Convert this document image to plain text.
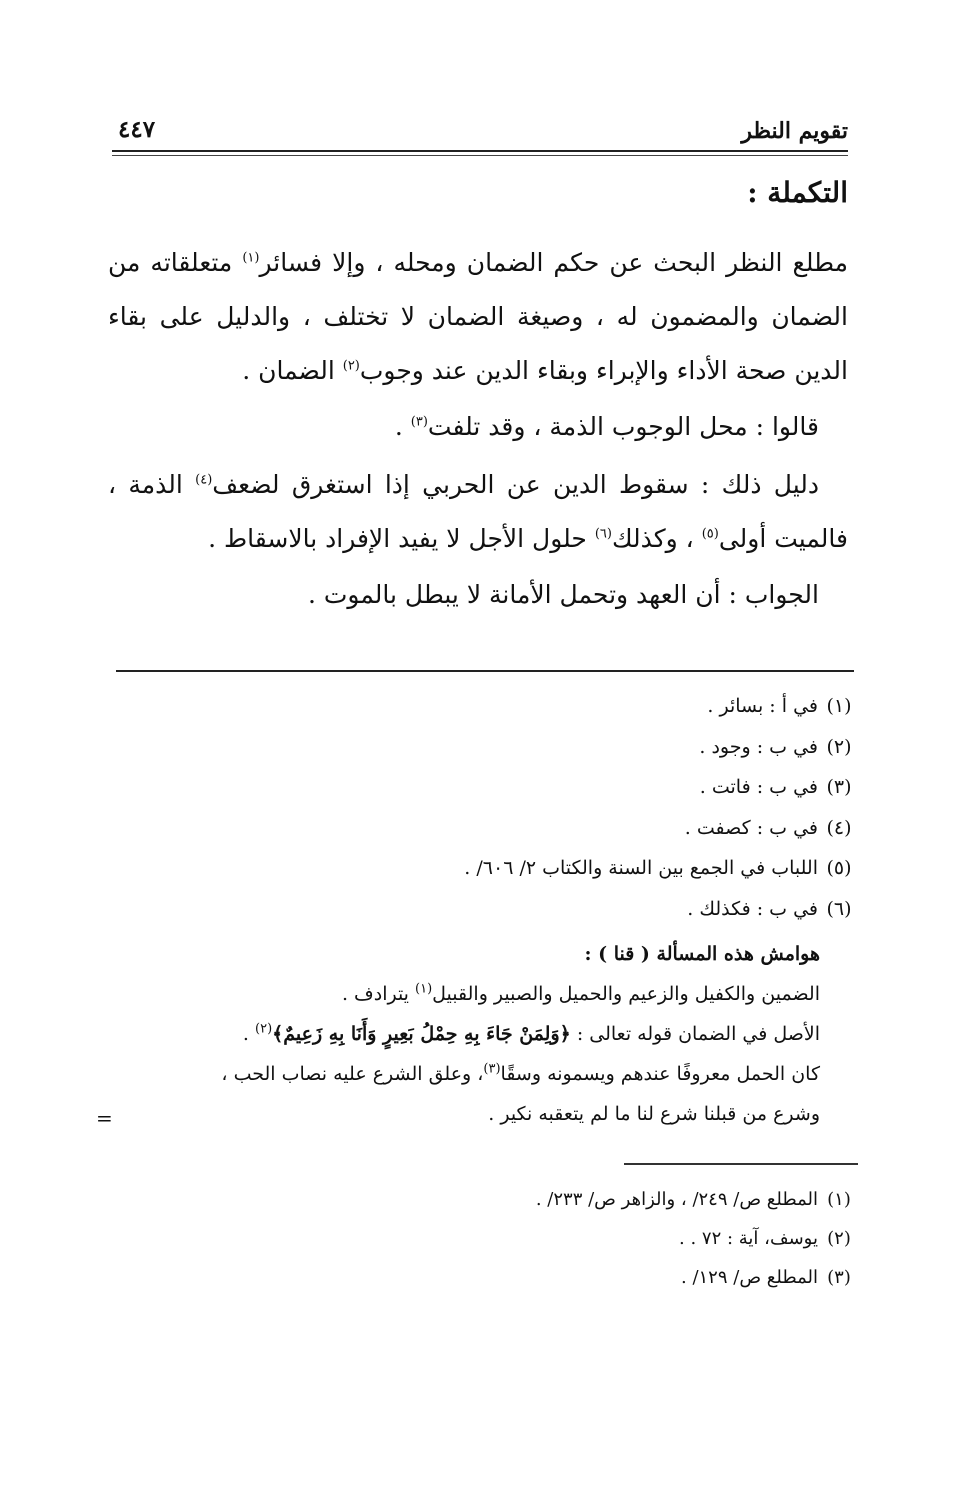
تقويم النظر
٤٤٧
التكملة :
مطلع النظر البحث عن حكم الضمان ومحله ، وإلا فسائر$^{(١)}$ متعلقاته من الضمان والمضمون له ، وصيغة الضمان لا تختلف ، والدليل على بقاء الدين صحة الأداء والإبراء وبقاء الدين عند وجوب$^{(٢)}$ الضمان .
قالوا : محل الوجوب الذمة ، وقد تلفت$^{(٣)}$ .
دليل ذلك : سقوط الدين عن الحربي إذا استغرق لضعف$^{(٤)}$ الذمة ، فالميت أولى$^{(٥)}$ ، وكذلك$^{(٦)}$ حلول الأجل لا يفيد الإفراد بالاسقاط .
الجواب : أن العهد وتحمل الأمانة لا يبطل بالموت .
(١)في أ : بسائر .
(٢)في ب : وجود .
(٣)في ب : فاتت .
(٤)في ب : كصفت .
(٥)اللباب في الجمع بين السنة والكتاب ٢/ ٦٠٦/ .
(٦)في ب : فكذلك .
هوامش هذه المسألة ( قنا ) :
الضمين والكفيل والزعيم والحميل والصبير والقبيل$^{(١)}$ يترادف .
الأصل في الضمان قوله تعالى : ﴿وَلِمَنْ جَاءَ بِهِ حِمْلُ بَعِيرٍ وَأَنَا بِهِ زَعِيمٌ﴾$^{(٢)}$ .
كان الحمل معروفًا عندهم ويسمونه وسقًا$^{(٣)}$، وعلق الشرع عليه نصاب الحب ،
وشرع من قبلنا شرع لنا ما لم يتعقبه نكير .
=
(١)المطلع ص/ ٢٤٩/ ، والزاهر ص/ ٢٣٣/ .
(٢)يوسف، آية : ٧٢ . .
(٣)المطلع ص/ ١٢٩/ .
